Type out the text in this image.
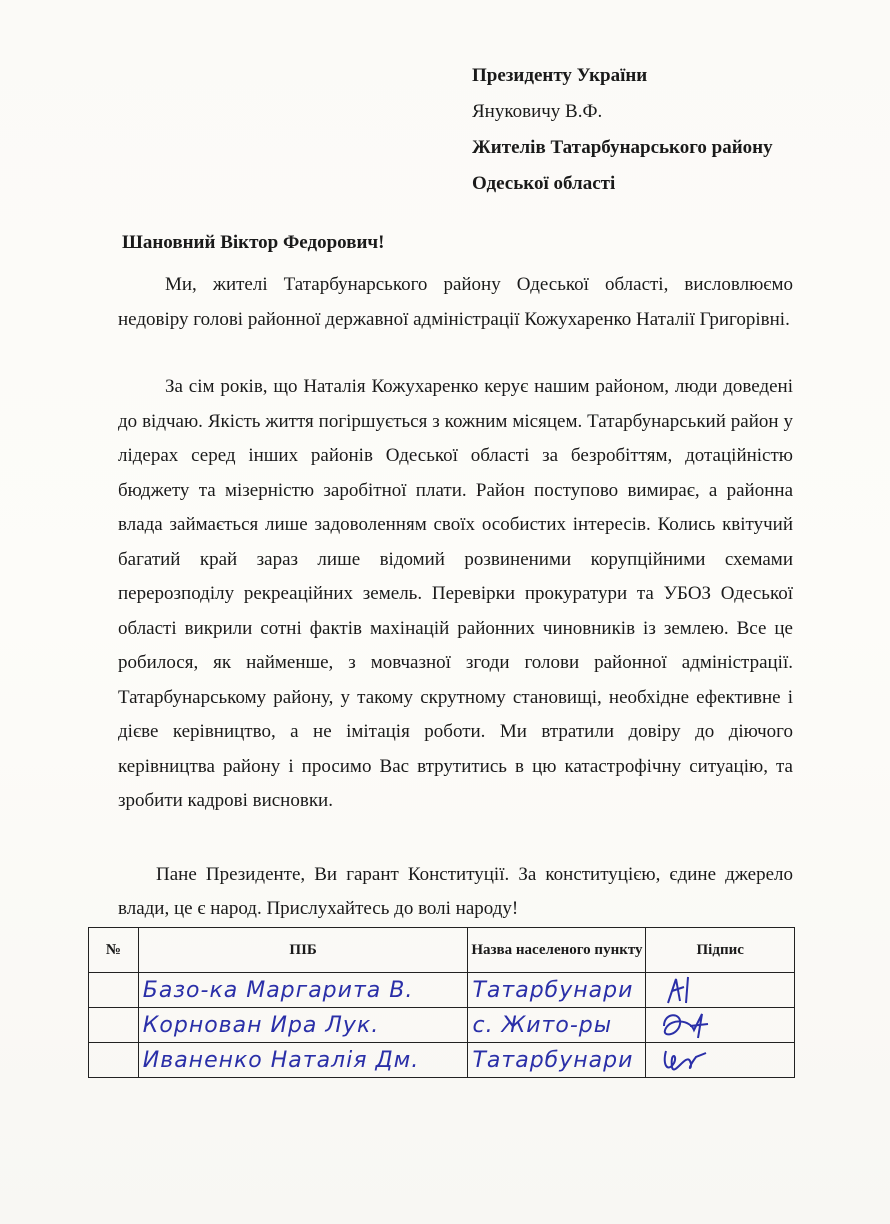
Президенту України
Януковичу В.Ф.
Жителів Татарбунарського району
Одеської області
Шановний Віктор Федорович!
Ми, жителі Татарбунарського району Одеської області, висловлюємо недовіру голові районної державної адміністрації Кожухаренко Наталії Григорівні.
За сім років, що Наталія Кожухаренко керує нашим районом, люди доведені до відчаю. Якість життя погіршується з кожним місяцем. Татарбунарський район у лідерах серед інших районів Одеської області за безробіттям, дотаційністю бюджету та мізерністю заробітної плати. Район поступово вимирає, а районна влада займається лише задоволенням своїх особистих інтересів. Колись квітучий багатий край зараз лише відомий розвиненими корупційними схемами перерозподілу рекреаційних земель. Перевірки прокуратури та УБОЗ Одеської області викрили сотні фактів махінацій районних чиновників із землею. Все це робилося, як найменше, з мовчазної згоди голови районної адміністрації. Татарбунарському району, у такому скрутному становищі, необхідне ефективне і дієве керівництво, а не імітація роботи. Ми втратили довіру до діючого керівництва району і просимо Вас втрутитись в цю катастрофічну ситуацію, та зробити кадрові висновки.
Пане Президенте, Ви гарант Конституції. За конституцією, єдине джерело влади, це є народ. Прислухайтесь до волі народу!
№	ПІБ	Назва населеного пункту	Підпис
	Базо-ка Маргарита В.	Татарбунари	

	Корнован Ира Лук.	с. Жито-ры	

	Иваненко Наталія Дм.	Татарбунари	
